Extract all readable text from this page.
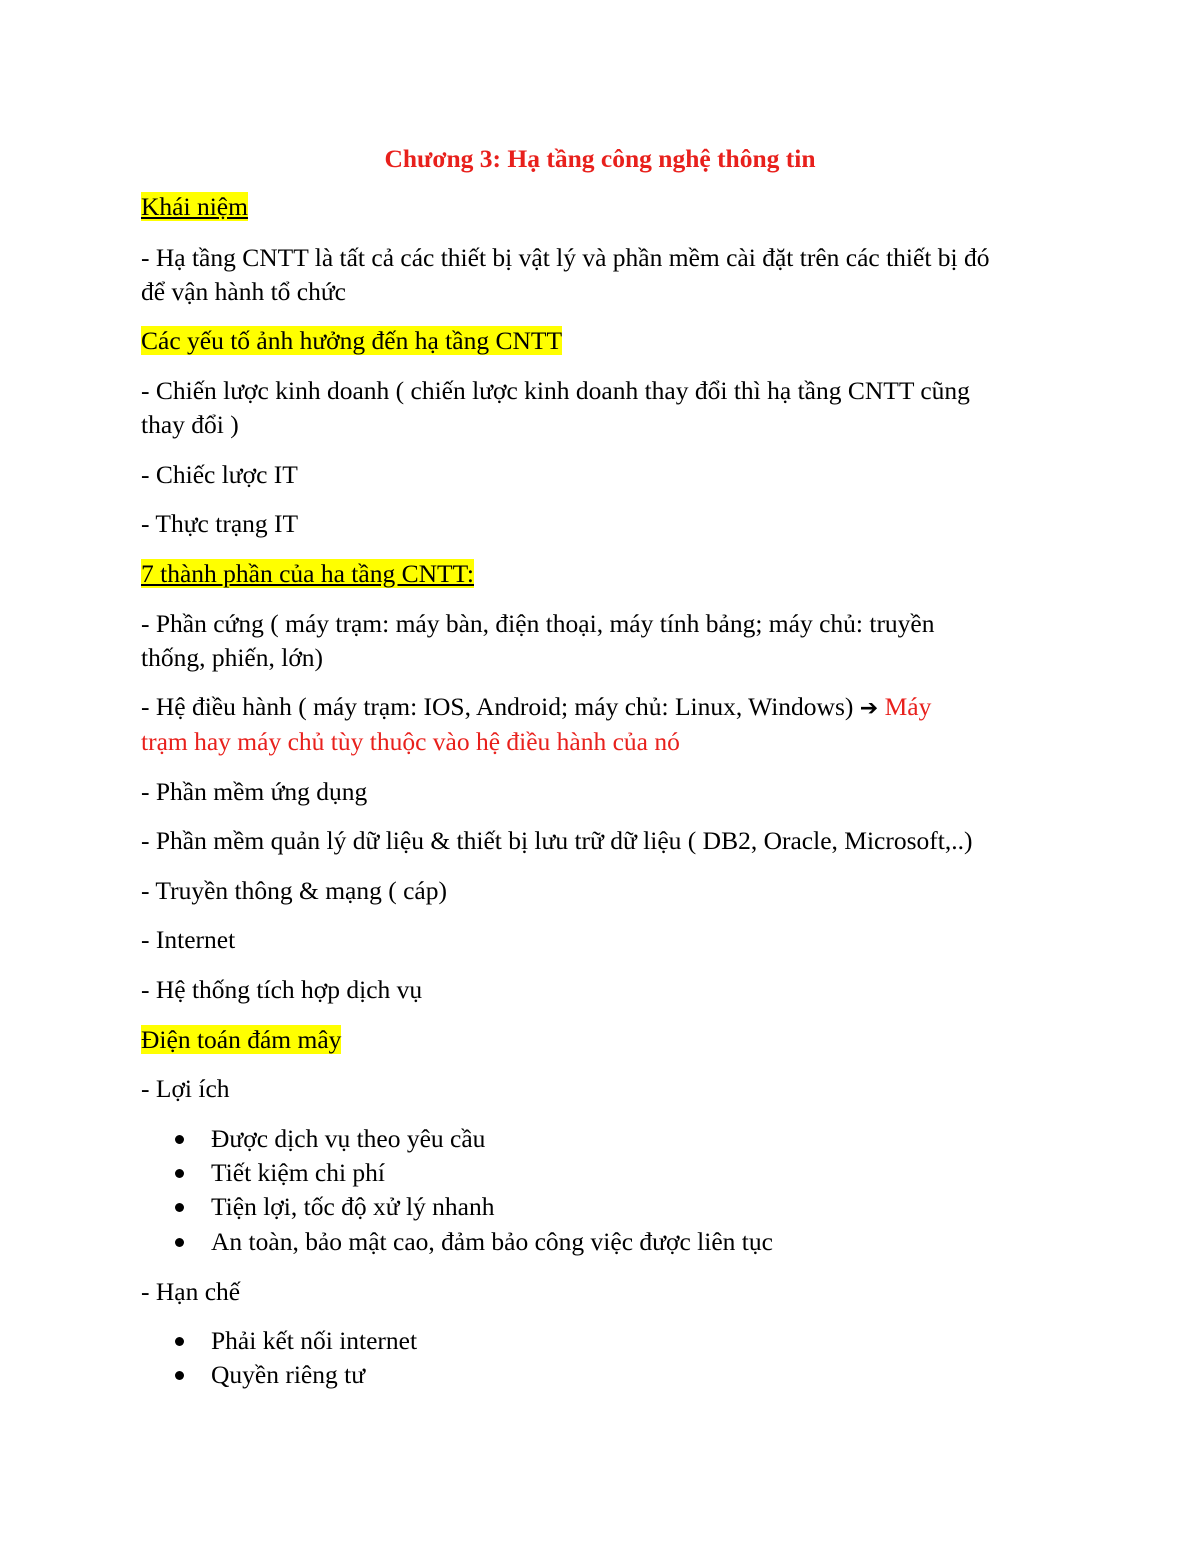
Chương 3: Hạ tầng công nghệ thông tin
Khái niệm
- Hạ tầng CNTT là tất cả các thiết bị vật lý và phần mềm cài đặt trên các thiết bị đó
để vận hành tổ chức
Các yếu tố ảnh hưởng đến hạ tầng CNTT
- Chiến lược kinh doanh ( chiến lược kinh doanh thay đổi thì hạ tầng CNTT cũng
thay đổi )
- Chiếc lược IT
- Thực trạng IT
7 thành phần của ha tầng CNTT:
- Phần cứng ( máy trạm: máy bàn, điện thoại, máy tính bảng; máy chủ: truyền
thống, phiến, lớn)
- Hệ điều hành ( máy trạm: IOS, Android; máy chủ: Linux, Windows) ➔ Máy
trạm hay máy chủ tùy thuộc vào hệ điều hành của nó
- Phần mềm ứng dụng
- Phần mềm quản lý dữ liệu & thiết bị lưu trữ dữ liệu ( DB2, Oracle, Microsoft,..)
- Truyền thông & mạng ( cáp)
- Internet
- Hệ thống tích hợp dịch vụ
Điện toán đám mây
- Lợi ích
Được dịch vụ theo yêu cầu
Tiết kiệm chi phí
Tiện lợi, tốc độ xử lý nhanh
An toàn, bảo mật cao, đảm bảo công việc được liên tục
- Hạn chế
Phải kết nối internet
Quyền riêng tư
